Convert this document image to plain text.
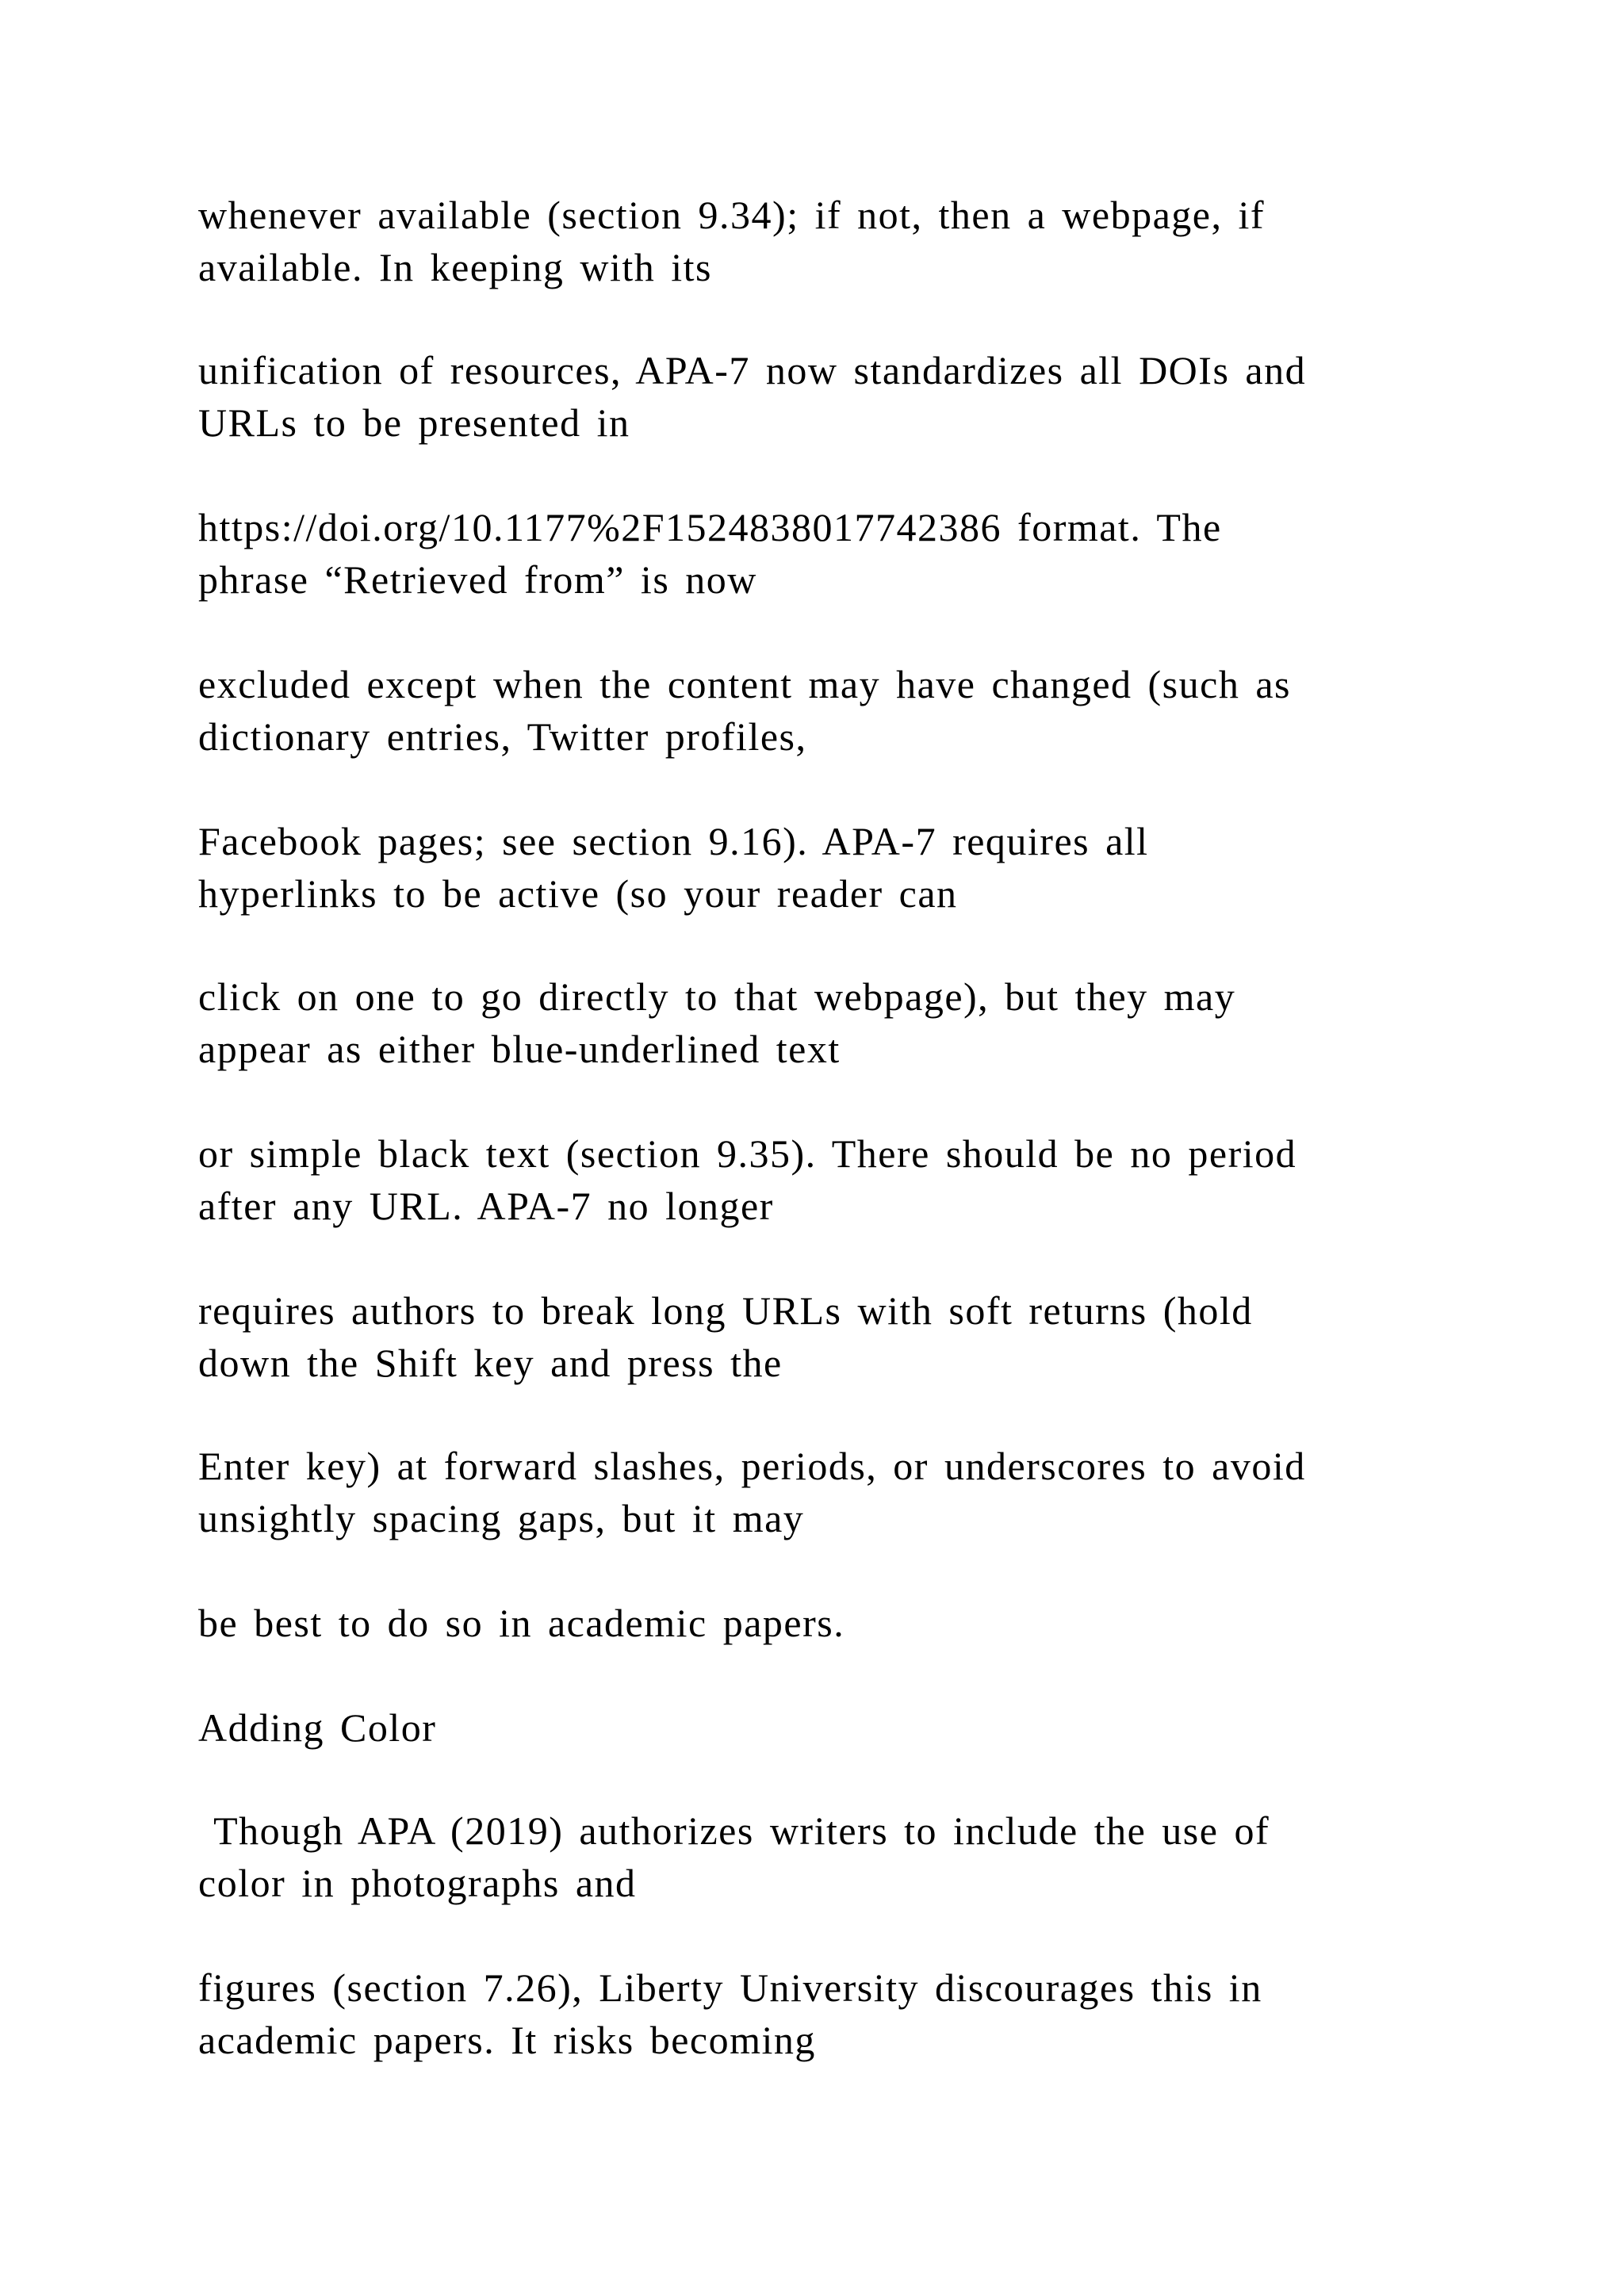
whenever available (section 9.34); if not, then a webpage, if
available. In keeping with its
unification of resources, APA-7 now standardizes all DOIs and
URLs to be presented in
https://doi.org/10.1177%2F1524838017742386 format. The
phrase “Retrieved from” is now
excluded except when the content may have changed (such as
dictionary entries, Twitter profiles,
Facebook pages; see section 9.16). APA-7 requires all
hyperlinks to be active (so your reader can
click on one to go directly to that webpage), but they may
appear as either blue-underlined text
or simple black text (section 9.35). There should be no period
after any URL. APA-7 no longer
requires authors to break long URLs with soft returns (hold
down the Shift key and press the
Enter key) at forward slashes, periods, or underscores to avoid
unsightly spacing gaps, but it may
be best to do so in academic papers.
Adding Color
Though APA (2019) authorizes writers to include the use of
color in photographs and
figures (section 7.26), Liberty University discourages this in
academic papers. It risks becoming
